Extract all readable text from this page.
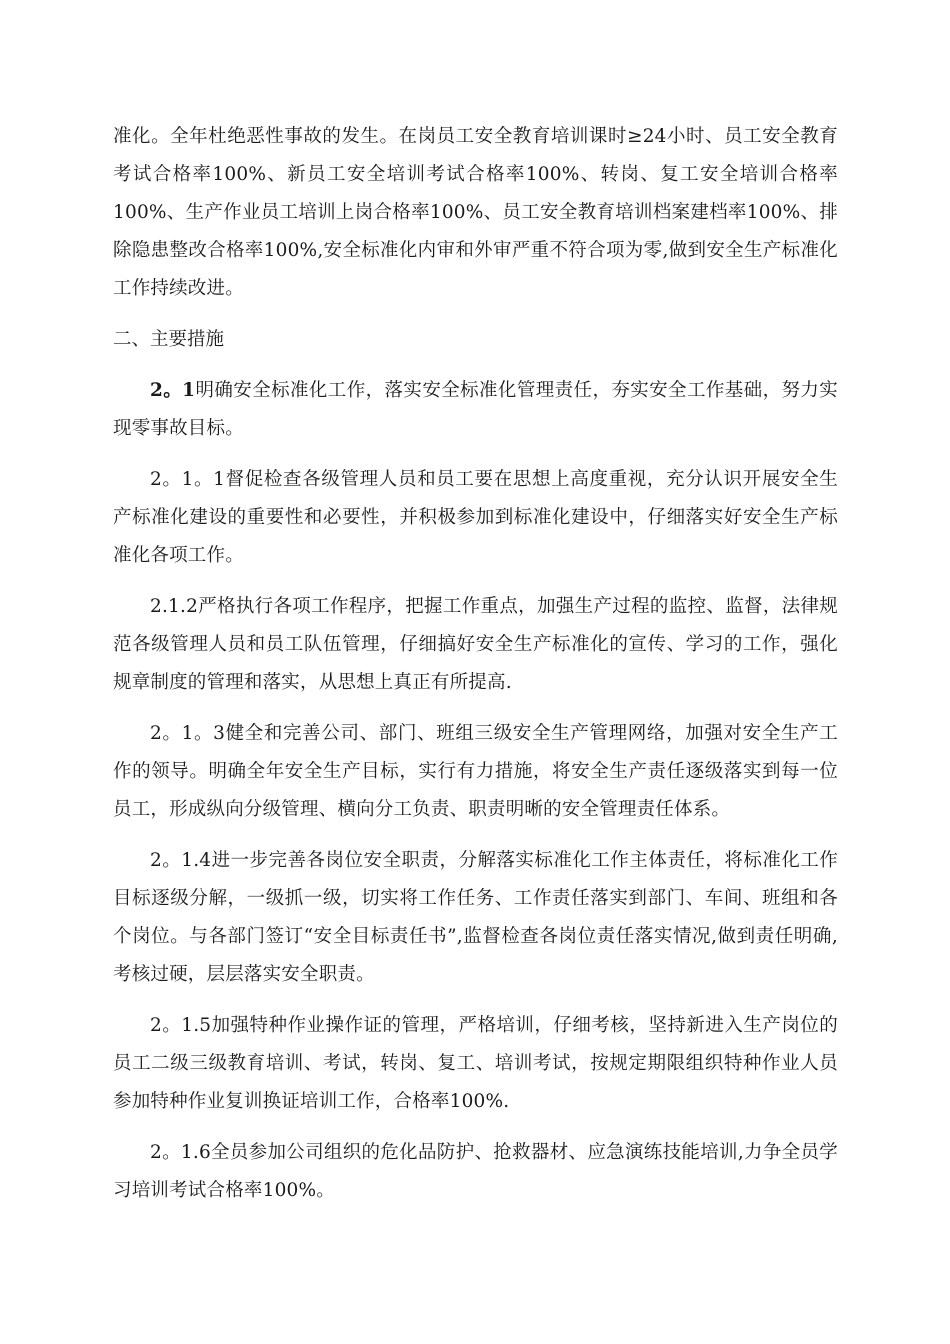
准化。全年杜绝恶性事故的发生。在岗员工安全教育培训课时≥24小时、员工安全教育考试合格率100%、新员工安全培训考试合格率100%、转岗、复工安全培训合格率100%、生产作业员工培训上岗合格率100%、员工安全教育培训档案建档率100%、排除隐患整改合格率100%,安全标准化内审和外审严重不符合项为零,做到安全生产标准化工作持续改进。

二、主要措施

2。1明确安全标准化工作，落实安全标准化管理责任，夯实安全工作基础，努力实现零事故目标。

2。1。1督促检查各级管理人员和员工要在思想上高度重视，充分认识开展安全生产标准化建设的重要性和必要性，并积极参加到标准化建设中，仔细落实好安全生产标准化各项工作。

2.1.2严格执行各项工作程序，把握工作重点，加强生产过程的监控、监督，法律规范各级管理人员和员工队伍管理，仔细搞好安全生产标准化的宣传、学习的工作，强化规章制度的管理和落实，从思想上真正有所提高.

2。1。3健全和完善公司、部门、班组三级安全生产管理网络，加强对安全生产工作的领导。明确全年安全生产目标，实行有力措施，将安全生产责任逐级落实到每一位员工，形成纵向分级管理、横向分工负责、职责明晰的安全管理责任体系。

2。1.4进一步完善各岗位安全职责，分解落实标准化工作主体责任，将标准化工作目标逐级分解，一级抓一级，切实将工作任务、工作责任落实到部门、车间、班组和各个岗位。与各部门签订“安全目标责任书”,监督检查各岗位责任落实情况,做到责任明确,考核过硬，层层落实安全职责。

2。1.5加强特种作业操作证的管理，严格培训，仔细考核，坚持新进入生产岗位的员工二级三级教育培训、考试，转岗、复工、培训考试，按规定期限组织特种作业人员参加特种作业复训换证培训工作，合格率100%.

2。1.6全员参加公司组织的危化品防护、抢救器材、应急演练技能培训,力争全员学习培训考试合格率100%。
